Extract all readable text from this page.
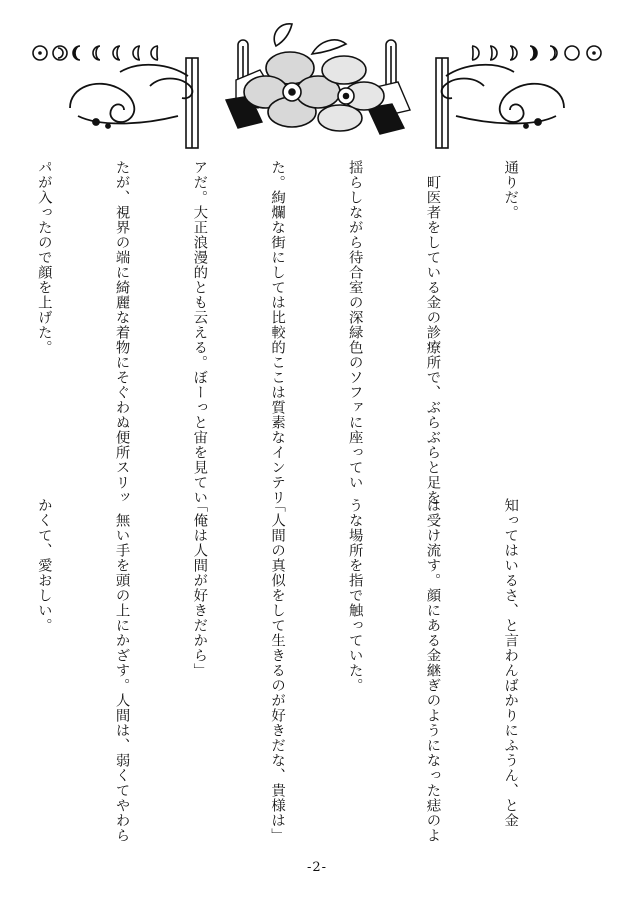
通りだ。

　町医者をしている金の診療所で、ぶらぶらと足を

揺らしながら待合室の深緑色のソファに座ってい

た。絢爛な街にしては比較的ここは質素なインテリ

アだ。大正浪漫的とも云える。ぼーっと宙を見てい

たが、視界の端に綺麗な着物にそぐわぬ便所スリッ

パが入ったので顔を上げた。

知ってはいるさ、と言わんばかりにふうん、と金

は受け流す。顔にある金継ぎのようになった痣のよ

うな場所を指で触っていた。

「人間の真似をして生きるのが好きだな、貴様は」

「俺は人間が好きだから」

　無い手を頭の上にかざす。人間は、弱くてやわら

かくて、愛おしい。

-2-
